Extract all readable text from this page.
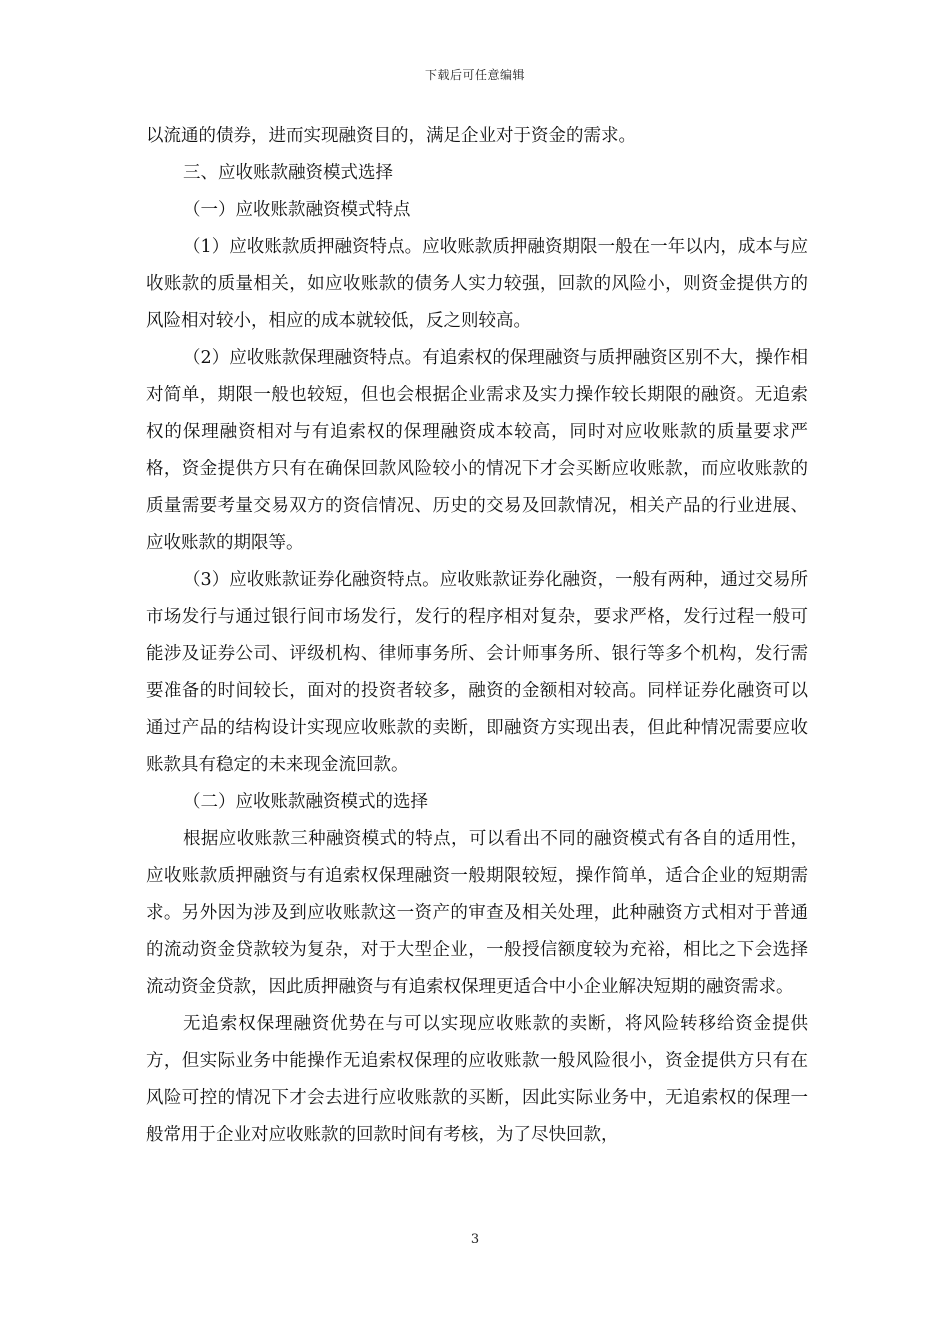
下载后可任意编辑

以流通的债券，进而实现融资目的，满足企业对于资金的需求。

三、应收账款融资模式选择

（一）应收账款融资模式特点

（1）应收账款质押融资特点。应收账款质押融资期限一般在一年以内，成本与应收账款的质量相关，如应收账款的债务人实力较强，回款的风险小，则资金提供方的风险相对较小，相应的成本就较低，反之则较高。

（2）应收账款保理融资特点。有追索权的保理融资与质押融资区别不大，操作相对简单，期限一般也较短，但也会根据企业需求及实力操作较长期限的融资。无追索权的保理融资相对与有追索权的保理融资成本较高，同时对应收账款的质量要求严格，资金提供方只有在确保回款风险较小的情况下才会买断应收账款，而应收账款的质量需要考量交易双方的资信情况、历史的交易及回款情况，相关产品的行业进展、应收账款的期限等。

（3）应收账款证券化融资特点。应收账款证券化融资，一般有两种，通过交易所市场发行与通过银行间市场发行，发行的程序相对复杂，要求严格，发行过程一般可能涉及证券公司、评级机构、律师事务所、会计师事务所、银行等多个机构，发行需要准备的时间较长，面对的投资者较多，融资的金额相对较高。同样证券化融资可以通过产品的结构设计实现应收账款的卖断，即融资方实现出表，但此种情况需要应收账款具有稳定的未来现金流回款。

（二）应收账款融资模式的选择

根据应收账款三种融资模式的特点，可以看出不同的融资模式有各自的适用性，应收账款质押融资与有追索权保理融资一般期限较短，操作简单，适合企业的短期需求。另外因为涉及到应收账款这一资产的审查及相关处理，此种融资方式相对于普通的流动资金贷款较为复杂，对于大型企业，一般授信额度较为充裕，相比之下会选择流动资金贷款，因此质押融资与有追索权保理更适合中小企业解决短期的融资需求。

无追索权保理融资优势在与可以实现应收账款的卖断，将风险转移给资金提供方，但实际业务中能操作无追索权保理的应收账款一般风险很小，资金提供方只有在风险可控的情况下才会去进行应收账款的买断，因此实际业务中，无追索权的保理一般常用于企业对应收账款的回款时间有考核，为了尽快回款，

3
